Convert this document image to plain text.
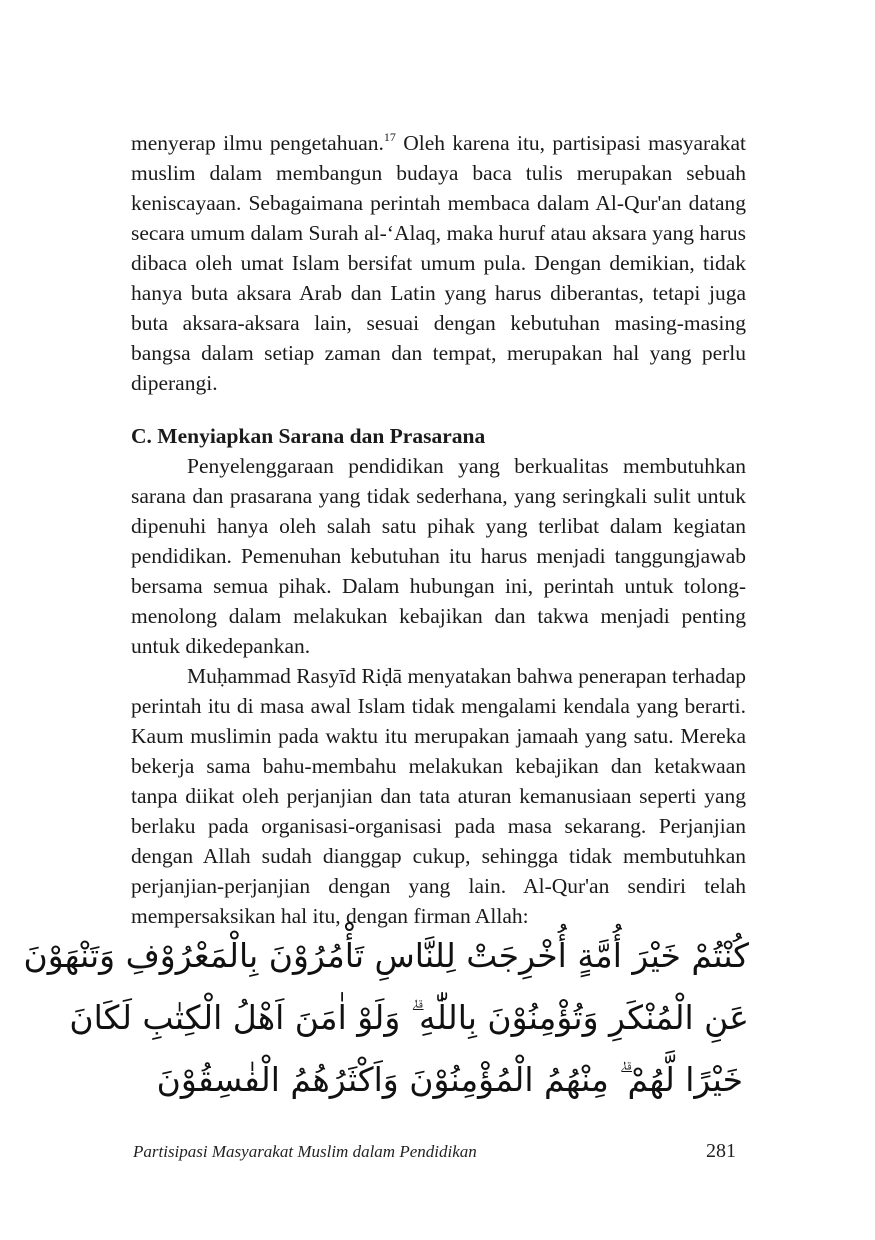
menyerap ilmu pengetahuan.$^{17}$ Oleh karena itu, partisipasi masyarakat muslim dalam membangun budaya baca tulis merupakan sebuah keniscayaan. Sebagaimana perintah membaca dalam Al-Qur'an datang secara umum dalam Surah al-‘Alaq, maka huruf atau aksara yang harus dibaca oleh umat Islam bersifat umum pula. Dengan demikian, tidak hanya buta aksara Arab dan Latin yang harus diberantas, tetapi juga buta aksara-aksara lain, sesuai dengan kebutuhan masing-masing bangsa dalam setiap zaman dan tempat, merupakan hal yang perlu diperangi.

C. Menyiapkan Sarana dan Prasarana

Penyelenggaraan pendidikan yang berkualitas membutuhkan sarana dan prasarana yang tidak sederhana, yang seringkali sulit untuk dipenuhi hanya oleh salah satu pihak yang terlibat dalam kegiatan pendidikan. Pemenuhan kebutuhan itu harus menjadi tanggungjawab bersama semua pihak. Dalam hubungan ini, perintah untuk tolong-menolong dalam melakukan kebajikan dan takwa menjadi penting untuk dikedepankan.

Muḥammad Rasyīd Riḍā menyatakan bahwa penerapan terhadap perintah itu di masa awal Islam tidak mengalami kendala yang berarti. Kaum muslimin pada waktu itu merupakan jamaah yang satu. Mereka bekerja sama bahu-membahu melakukan kebajikan dan ketakwaan tanpa diikat oleh perjanjian dan tata aturan kemanusiaan seperti yang berlaku pada organisasi-organisasi pada masa sekarang. Perjanjian dengan Allah sudah dianggap cukup, sehingga tidak membutuhkan perjanjian-perjanjian dengan yang lain. Al-Qur'an sendiri telah mempersaksikan hal itu, dengan firman Allah:

كُنْتُمْ خَيْرَ أُمَّةٍ أُخْرِجَتْ لِلنَّاسِ تَأْمُرُوْنَ بِالْمَعْرُوْفِ وَتَنْهَوْنَ
عَنِ الْمُنْكَرِ وَتُؤْمِنُوْنَ بِاللّٰهِ ۗ وَلَوْ اٰمَنَ اَهْلُ الْكِتٰبِ لَكَانَ
خَيْرًا لَّهُمْ ۗ مِنْهُمُ الْمُؤْمِنُوْنَ وَاَكْثَرُهُمُ الْفٰسِقُوْنَ
Partisipasi Masyarakat Muslim dalam Pendidikan	281
